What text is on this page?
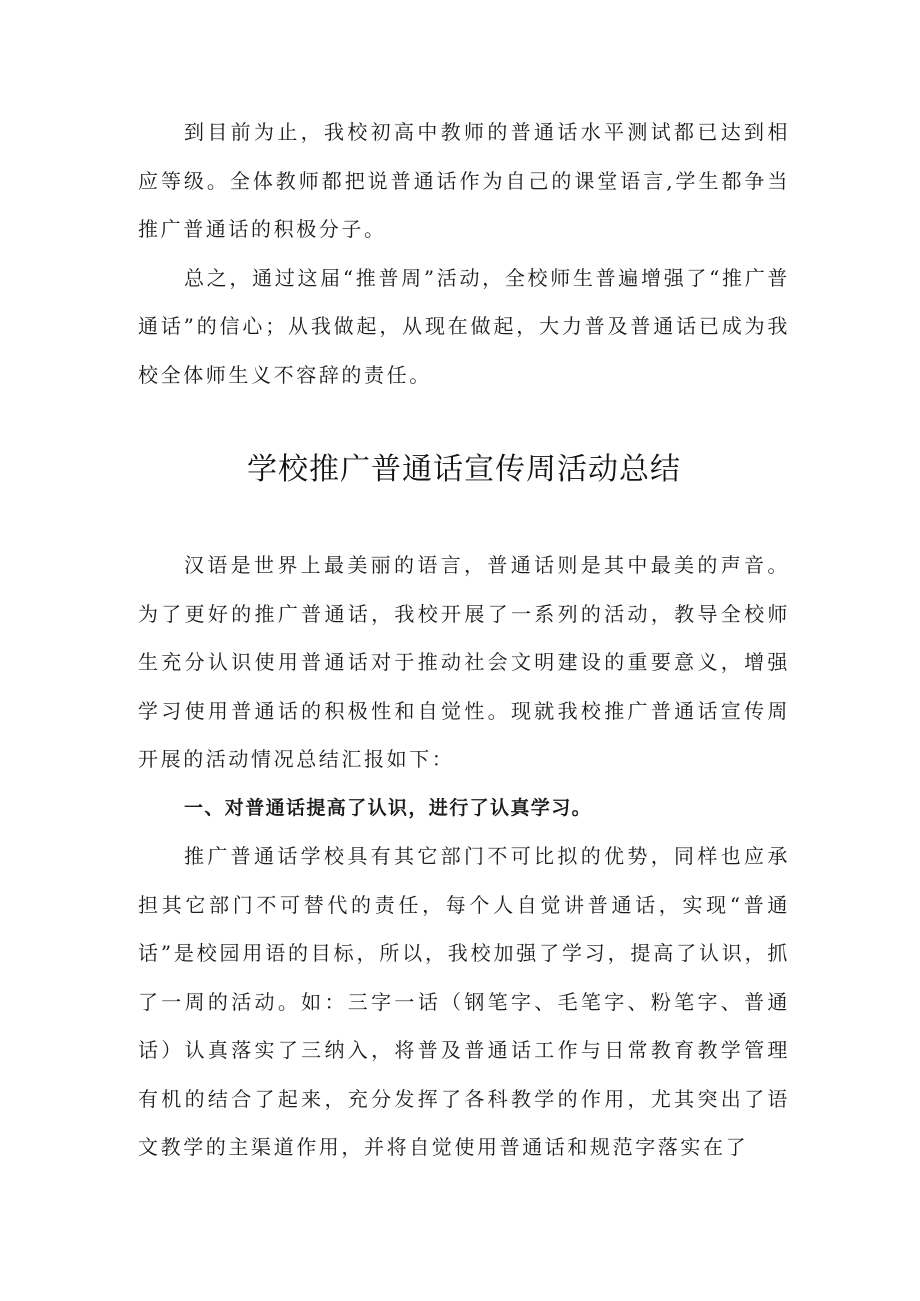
到目前为止，我校初高中教师的普通话水平测试都已达到相应等级。全体教师都把说普通话作为自己的课堂语言,学生都争当推广普通话的积极分子。

总之，通过这届“推普周”活动，全校师生普遍增强了“推广普通话”的信心；从我做起，从现在做起，大力普及普通话已成为我校全体师生义不容辞的责任。

学校推广普通话宣传周活动总结

汉语是世界上最美丽的语言，普通话则是其中最美的声音。为了更好的推广普通话，我校开展了一系列的活动，教导全校师生充分认识使用普通话对于推动社会文明建设的重要意义，增强学习使用普通话的积极性和自觉性。现就我校推广普通话宣传周开展的活动情况总结汇报如下：

一、对普通话提高了认识，进行了认真学习。

推广普通话学校具有其它部门不可比拟的优势，同样也应承担其它部门不可替代的责任，每个人自觉讲普通话，实现“普通话”是校园用语的目标，所以，我校加强了学习，提高了认识，抓了一周的活动。如：三字一话（钢笔字、毛笔字、粉笔字、普通话）认真落实了三纳入，将普及普通话工作与日常教育教学管理有机的结合了起来，充分发挥了各科教学的作用，尤其突出了语文教学的主渠道作用，并将自觉使用普通话和规范字落实在了
